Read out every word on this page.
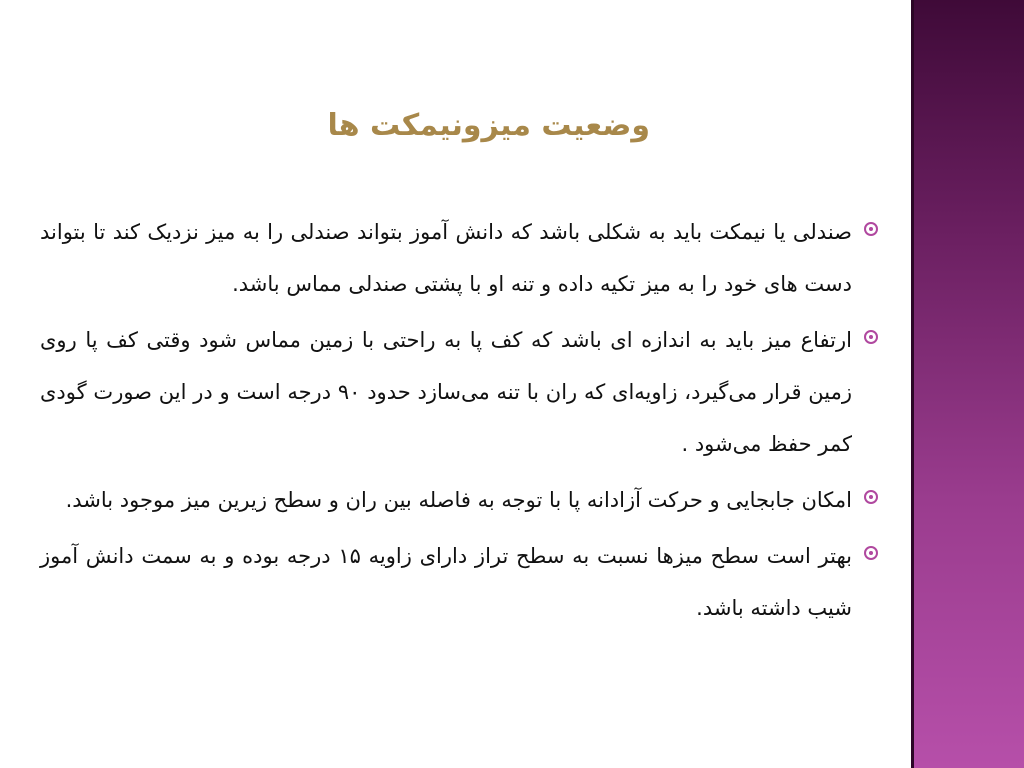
وضعیت میزونیمکت ها
صندلی یا نیمکت باید به شکلی باشد که دانش آموز بتواند صندلی را به میز نزدیک کند تا بتواند دست های خود را به میز تکیه داده و تنه او با پشتی صندلی مماس باشد.
ارتفاع میز باید به اندازه ای باشد که کف پا به راحتی با زمین مماس شود وقتی کف پا روی زمین قرار می‌گیرد، زاویه‌ای که ران با تنه می‌سازد حدود ۹۰ درجه است و در این صورت گودی کمر حفظ می‌شود .
امکان جابجایی و حرکت آزادانه پا با توجه به فاصله بین ران و سطح زیرین میز موجود باشد.
بهتر است سطح میزها نسبت به سطح تراز دارای زاویه ۱۵ درجه بوده و به سمت دانش آموز شیب داشته باشد.
